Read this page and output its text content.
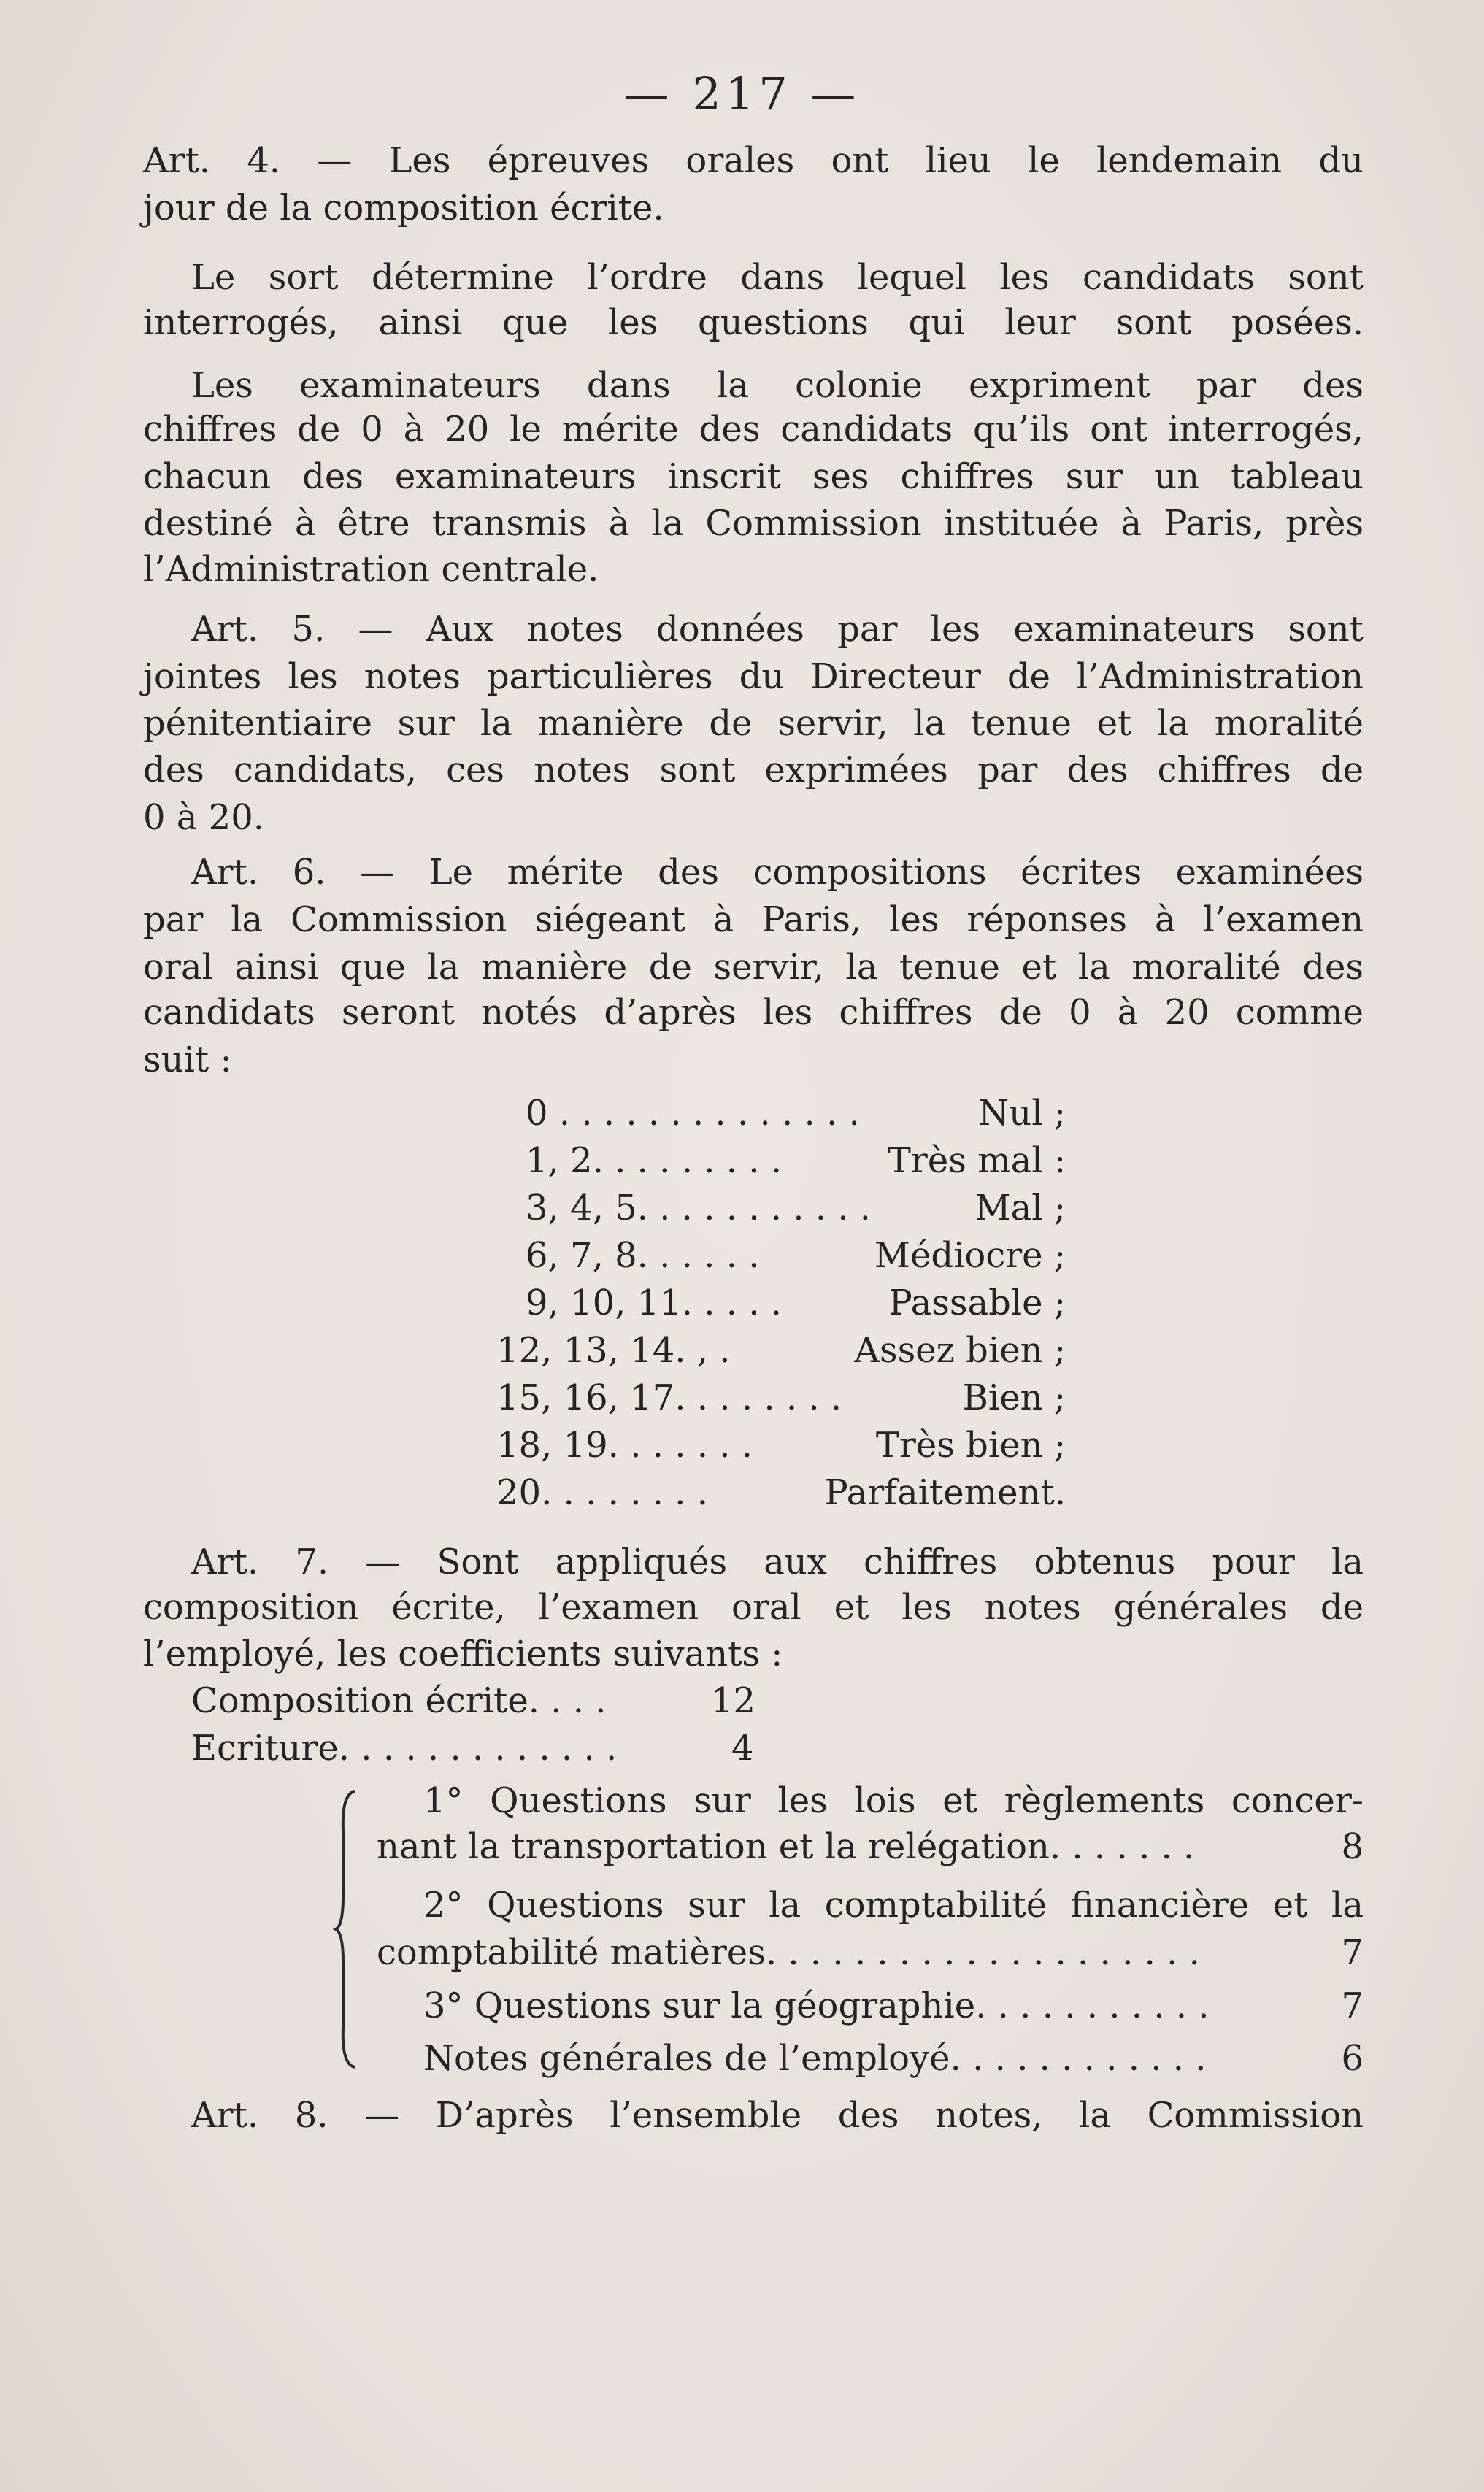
— 217 —
Art. 4. — Les épreuves orales ont lieu le lendemain du
jour de la composition écrite.
Le sort détermine l’ordre dans lequel les candidats sont
interrogés, ainsi que les questions qui leur sont posées.
Les examinateurs dans la colonie expriment par des
chiffres de 0 à 20 le mérite des candidats qu’ils ont interrogés,
chacun des examinateurs inscrit ses chiffres sur un tableau
destiné à être transmis à la Commission instituée à Paris, près
l’Administration centrale.
Art. 5. — Aux notes données par les examinateurs sont
jointes les notes particulières du Directeur de l’Administration
pénitentiaire sur la manière de servir, la tenue et la moralité
des candidats, ces notes sont exprimées par des chiffres de
0 à 20.
Art. 6. — Le mérite des compositions écrites examinées
par la Commission siégeant à Paris, les réponses à l’examen
oral ainsi que la manière de servir, la tenue et la moralité des
candidats seront notés d’après les chiffres de 0 à 20 comme
suit :
0 . . . . . . . . . . . . . .	Nul ;
1, 2. . . . . . . . .	Très mal :
3, 4, 5. . . . . . . . . . .	Mal ;
6, 7, 8. . . . . .	Médiocre ;
9, 10, 11. . . . .	Passable ;
12, 13, 14. , .	Assez bien ;
15, 16, 17. . . . . . . .	Bien ;
18, 19. . . . . . .	Très bien ;
20. . . . . . . .	Parfaitement.
Art. 7. — Sont appliqués aux chiffres obtenus pour la
composition écrite, l’examen oral et les notes générales de
l’employé, les coefficients suivants :
Composition écrite. . . .	12
Ecriture. . . . . . . . . . . . .	4
1° Questions sur les lois et règlements concer-
nant la transportation et la relégation. . . . . . .	8
2° Questions sur la comptabilité financière et la
comptabilité matières. . . . . . . . . . . . . . . . . . . .	7
3° Questions sur la géographie. . . . . . . . . . .	7
Notes générales de l’employé. . . . . . . . . . . .	6
Art. 8. — D’après l’ensemble des notes, la Commission
